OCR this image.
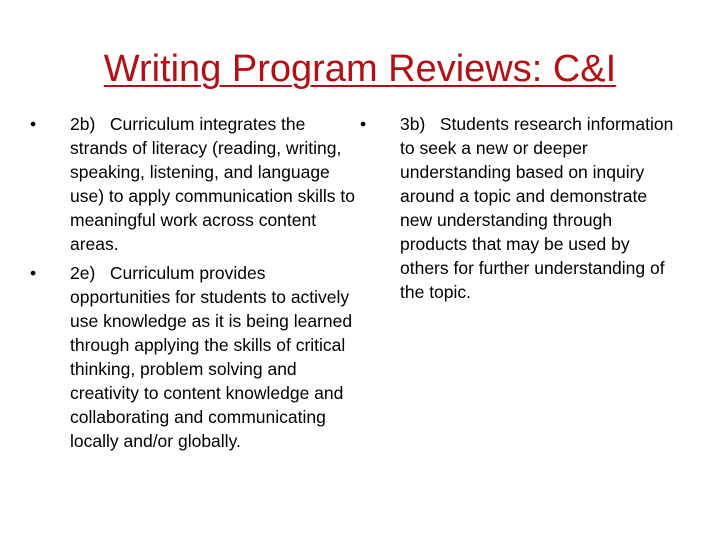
Writing Program Reviews: C&I
•	2b)   Curriculum integrates the strands of literacy (reading, writing, speaking, listening, and language use) to apply communication skills to meaningful work across content areas.
•	2e)   Curriculum provides opportunities for students to actively use knowledge as it is being learned through applying the skills of critical thinking, problem solving and creativity to content knowledge and collaborating and communicating locally and/or globally.
•	3b)   Students research information to seek a new or deeper understanding based on inquiry around a topic and demonstrate new understanding through products that may be used by others for further understanding of the topic.
